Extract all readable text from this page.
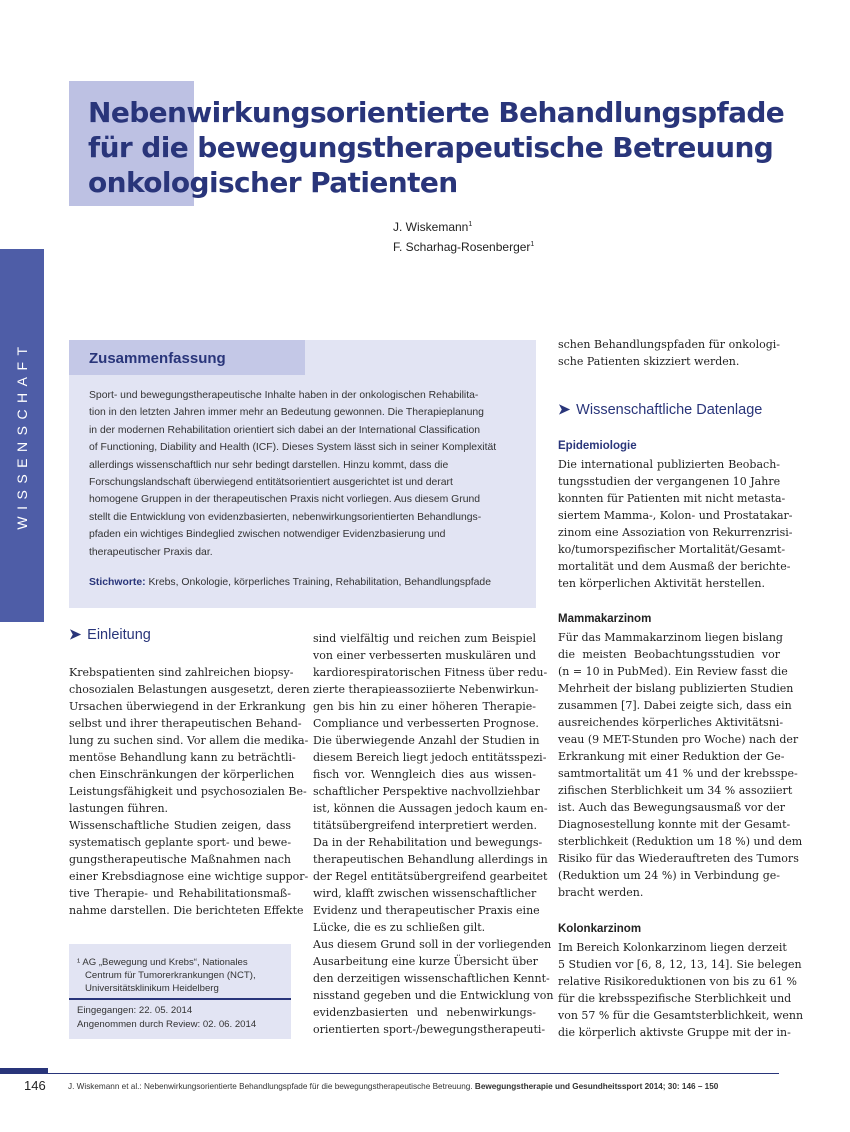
Nebenwirkungsorientierte Behandlungspfade
für die bewegungstherapeutische Betreuung
onkologischer Patienten
J. Wiskemann$^1$
F. Scharhag-Rosenberger$^1$
WISSENSCHAFT	Zusammenfassung
Sport- und bewegungstherapeutische Inhalte haben in der onkologischen Rehabilita-
tion in den letzten Jahren immer mehr an Bedeutung gewonnen. Die Therapieplanung
in der modernen Rehabilitation orientiert sich dabei an der International Classification
of Functioning, Diability and Health (ICF). Dieses System lässt sich in seiner Komplexität
allerdings wissenschaftlich nur sehr bedingt darstellen. Hinzu kommt, dass die
Forschungslandschaft überwiegend entitätsorientiert ausgerichtet ist und derart
homogene Gruppen in der therapeutischen Praxis nicht vorliegen. Aus diesem Grund
stellt die Entwicklung von evidenzbasierten, nebenwirkungsorientierten Behandlungs-
pfaden ein wichtiges Bindeglied zwischen notwendiger Evidenzbasierung und
therapeutischer Praxis dar.
Stichworte: Krebs, Onkologie, körperliches Training, Rehabilitation, Behandlungspfade
➤ Einleitung
Krebspatienten sind zahlreichen biopsy-
chosozialen Belastungen ausgesetzt, deren
Ursachen überwiegend in der Erkrankung
selbst und ihrer therapeutischen Behand-
lung zu suchen sind. Vor allem die medika-
mentöse Behandlung kann zu beträchtli-
chen Einschränkungen der körperlichen
Leistungsfähigkeit und psychosozialen Be-
lastungen führen.
Wissenschaftliche Studien zeigen, dass
systematisch geplante sport- und bewe-
gungstherapeutische Maßnahmen nach
einer Krebsdiagnose eine wichtige suppor-
tive Therapie- und Rehabilitationsmaß-
nahme darstellen. Die berichteten Effekte
sind vielfältig und reichen zum Beispiel
von einer verbesserten muskulären und
kardiorespiratorischen Fitness über redu-
zierte therapieassoziierte Nebenwirkun-
gen bis hin zu einer höheren Therapie-
Compliance und verbesserten Prognose.
Die überwiegende Anzahl der Studien in
diesem Bereich liegt jedoch entitätsspezi-
fisch vor. Wenngleich dies aus wissen-
schaftlicher Perspektive nachvollziehbar
ist, können die Aussagen jedoch kaum en-
titätsübergreifend interpretiert werden.
Da in der Rehabilitation und bewegungs-
therapeutischen Behandlung allerdings in
der Regel entitätsübergreifend gearbeitet
wird, klafft zwischen wissenschaftlicher
Evidenz und therapeutischer Praxis eine
Lücke, die es zu schließen gilt.
Aus diesem Grund soll in der vorliegenden
Ausarbeitung eine kurze Übersicht über
den derzeitigen wissenschaftlichen Kennt-
nisstand gegeben und die Entwicklung von
evidenzbasierten und nebenwirkungs-
orientierten sport-/bewegungstherapeuti-
schen Behandlungspfaden für onkologi-
sche Patienten skizziert werden.
➤ Wissenschaftliche Datenlage
Epidemiologie
Die international publizierten Beobach-
tungsstudien der vergangenen 10 Jahre
konnten für Patienten mit nicht metasta-
siertem Mamma-, Kolon- und Prostatakar-
zinom eine Assoziation von Rekurrenzrisi-
ko/tumorspezifischer Mortalität/Gesamt-
mortalität und dem Ausmaß der berichte-
ten körperlichen Aktivität herstellen.
Mammakarzinom
Für das Mammakarzinom liegen bislang
die meisten Beobachtungsstudien vor
(n = 10 in PubMed). Ein Review fasst die
Mehrheit der bislang publizierten Studien
zusammen [7]. Dabei zeigte sich, dass ein
ausreichendes körperliches Aktivitätsni-
veau (9 MET-Stunden pro Woche) nach der
Erkrankung mit einer Reduktion der Ge-
samtmortalität um 41 % und der krebsspe-
zifischen Sterblichkeit um 34 % assoziiert
ist. Auch das Bewegungsausmaß vor der
Diagnosestellung konnte mit der Gesamt-
sterblichkeit (Reduktion um 18 %) und dem
Risiko für das Wiederauftreten des Tumors
(Reduktion um 24 %) in Verbindung ge-
bracht werden.
Kolonkarzinom
Im Bereich Kolonkarzinom liegen derzeit
5 Studien vor [6, 8, 12, 13, 14]. Sie belegen
relative Risikoreduktionen von bis zu 61 %
für die krebsspezifische Sterblichkeit und
von 57 % für die Gesamtsterblichkeit, wenn
die körperlich aktivste Gruppe mit der in-
¹ AG „Bewegung und Krebs“, Nationales
Centrum für Tumorerkrankungen (NCT),
Universitätsklinikum Heidelberg
Eingegangen: 22. 05. 2014
Angenommen durch Review: 02. 06. 2014
146	J. Wiskemann et al.: Nebenwirkungsorientierte Behandlungspfade für die bewegungstherapeutische Betreuung. Bewegungstherapie und Gesundheitssport 2014; 30: 146 – 150
